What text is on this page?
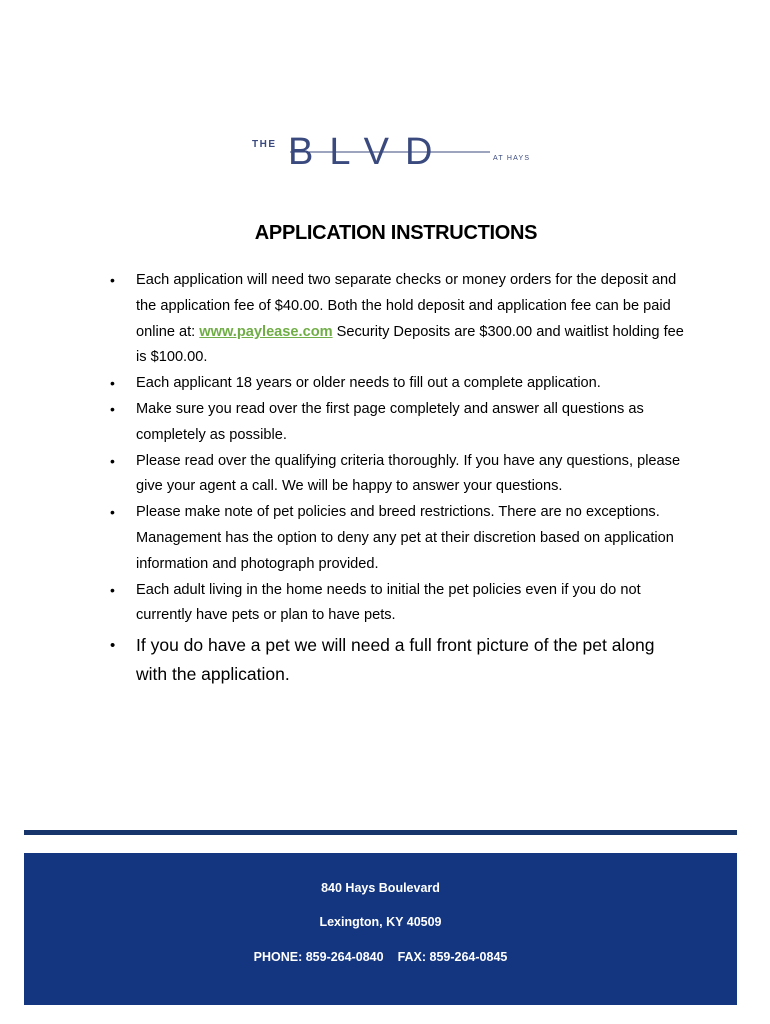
THE BLVD	AT HAYS
APPLICATION INSTRUCTIONS
• Each application will need two separate checks or money orders for the deposit and the application fee of $40.00. Both the hold deposit and application fee can be paid online at: www.paylease.com Security Deposits are $300.00 and waitlist holding fee is $100.00.
• Each applicant 18 years or older needs to fill out a complete application.
• Make sure you read over the first page completely and answer all questions as completely as possible.
• Please read over the qualifying criteria thoroughly. If you have any questions, please give your agent a call. We will be happy to answer your questions.
• Please make note of pet policies and breed restrictions. There are no exceptions. Management has the option to deny any pet at their discretion based on application information and photograph provided.
• Each adult living in the home needs to initial the pet policies even if you do not currently have pets or plan to have pets.
• If you do have a pet we will need a full front picture of the pet along with the application.
840 Hays Boulevard
Lexington, KY 40509
PHONE: 859-264-0840 FAX: 859-264-0845
